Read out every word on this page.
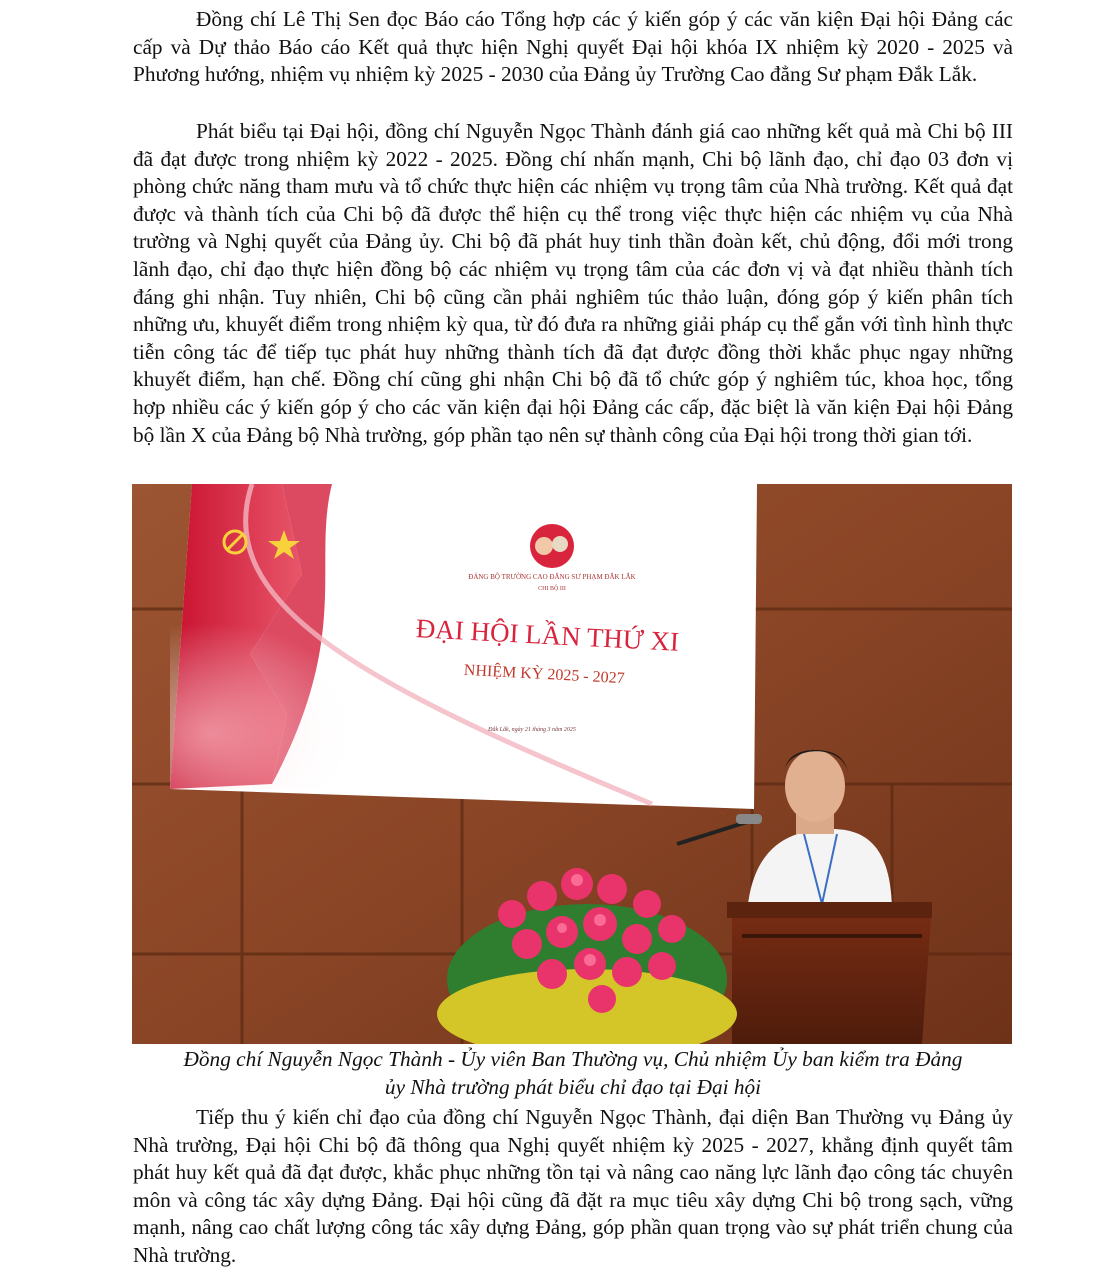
Đồng chí Lê Thị Sen đọc Báo cáo Tổng hợp các ý kiến góp ý các văn kiện Đại hội Đảng các cấp và Dự thảo Báo cáo Kết quả thực hiện Nghị quyết Đại hội khóa IX nhiệm kỳ 2020 - 2025 và Phương hướng, nhiệm vụ nhiệm kỳ 2025 - 2030 của Đảng ủy Trường Cao đẳng Sư phạm Đắk Lắk.

Phát biểu tại Đại hội, đồng chí Nguyễn Ngọc Thành đánh giá cao những kết quả mà Chi bộ III đã đạt được trong nhiệm kỳ 2022 - 2025. Đồng chí nhấn mạnh, Chi bộ lãnh đạo, chỉ đạo 03 đơn vị phòng chức năng tham mưu và tổ chức thực hiện các nhiệm vụ trọng tâm của Nhà trường. Kết quả đạt được và thành tích của Chi bộ đã được thể hiện cụ thể trong việc thực hiện các nhiệm vụ của Nhà trường và Nghị quyết của Đảng ủy. Chi bộ đã phát huy tinh thần đoàn kết, chủ động, đổi mới trong lãnh đạo, chỉ đạo thực hiện đồng bộ các nhiệm vụ trọng tâm của các đơn vị và đạt nhiều thành tích đáng ghi nhận. Tuy nhiên, Chi bộ cũng cần phải nghiêm túc thảo luận, đóng góp ý kiến phân tích những ưu, khuyết điểm trong nhiệm kỳ qua, từ đó đưa ra những giải pháp cụ thể gắn với tình hình thực tiễn công tác để tiếp tục phát huy những thành tích đã đạt được đồng thời khắc phục ngay những khuyết điểm, hạn chế. Đồng chí cũng ghi nhận Chi bộ đã tổ chức góp ý nghiêm túc, khoa học, tổng hợp nhiều các ý kiến góp ý cho các văn kiện đại hội Đảng các cấp, đặc biệt là văn kiện Đại hội Đảng bộ lần X của Đảng bộ Nhà trường, góp phần tạo nên sự thành công của Đại hội trong thời gian tới.

ĐẢNG BỘ TRƯỜNG CAO ĐẲNG SƯ PHẠM ĐẮK LẮK
CHI BỘ III
ĐẠI HỘI LẦN THỨ XI
NHIỆM KỲ 2025 - 2027
Đắk Lắk, ngày 21 tháng 3 năm 2025

Đồng chí Nguyễn Ngọc Thành - Ủy viên Ban Thường vụ, Chủ nhiệm Ủy ban kiểm tra Đảng
ủy Nhà trường phát biểu chỉ đạo tại Đại hội

Tiếp thu ý kiến chỉ đạo của đồng chí Nguyễn Ngọc Thành, đại diện Ban Thường vụ Đảng ủy Nhà trường, Đại hội Chi bộ đã thông qua Nghị quyết nhiệm kỳ 2025 - 2027, khẳng định quyết tâm phát huy kết quả đã đạt được, khắc phục những tồn tại và nâng cao năng lực lãnh đạo công tác chuyên môn và công tác xây dựng Đảng. Đại hội cũng đã đặt ra mục tiêu xây dựng Chi bộ trong sạch, vững mạnh, nâng cao chất lượng công tác xây dựng Đảng, góp phần quan trọng vào sự phát triển chung của Nhà trường.
